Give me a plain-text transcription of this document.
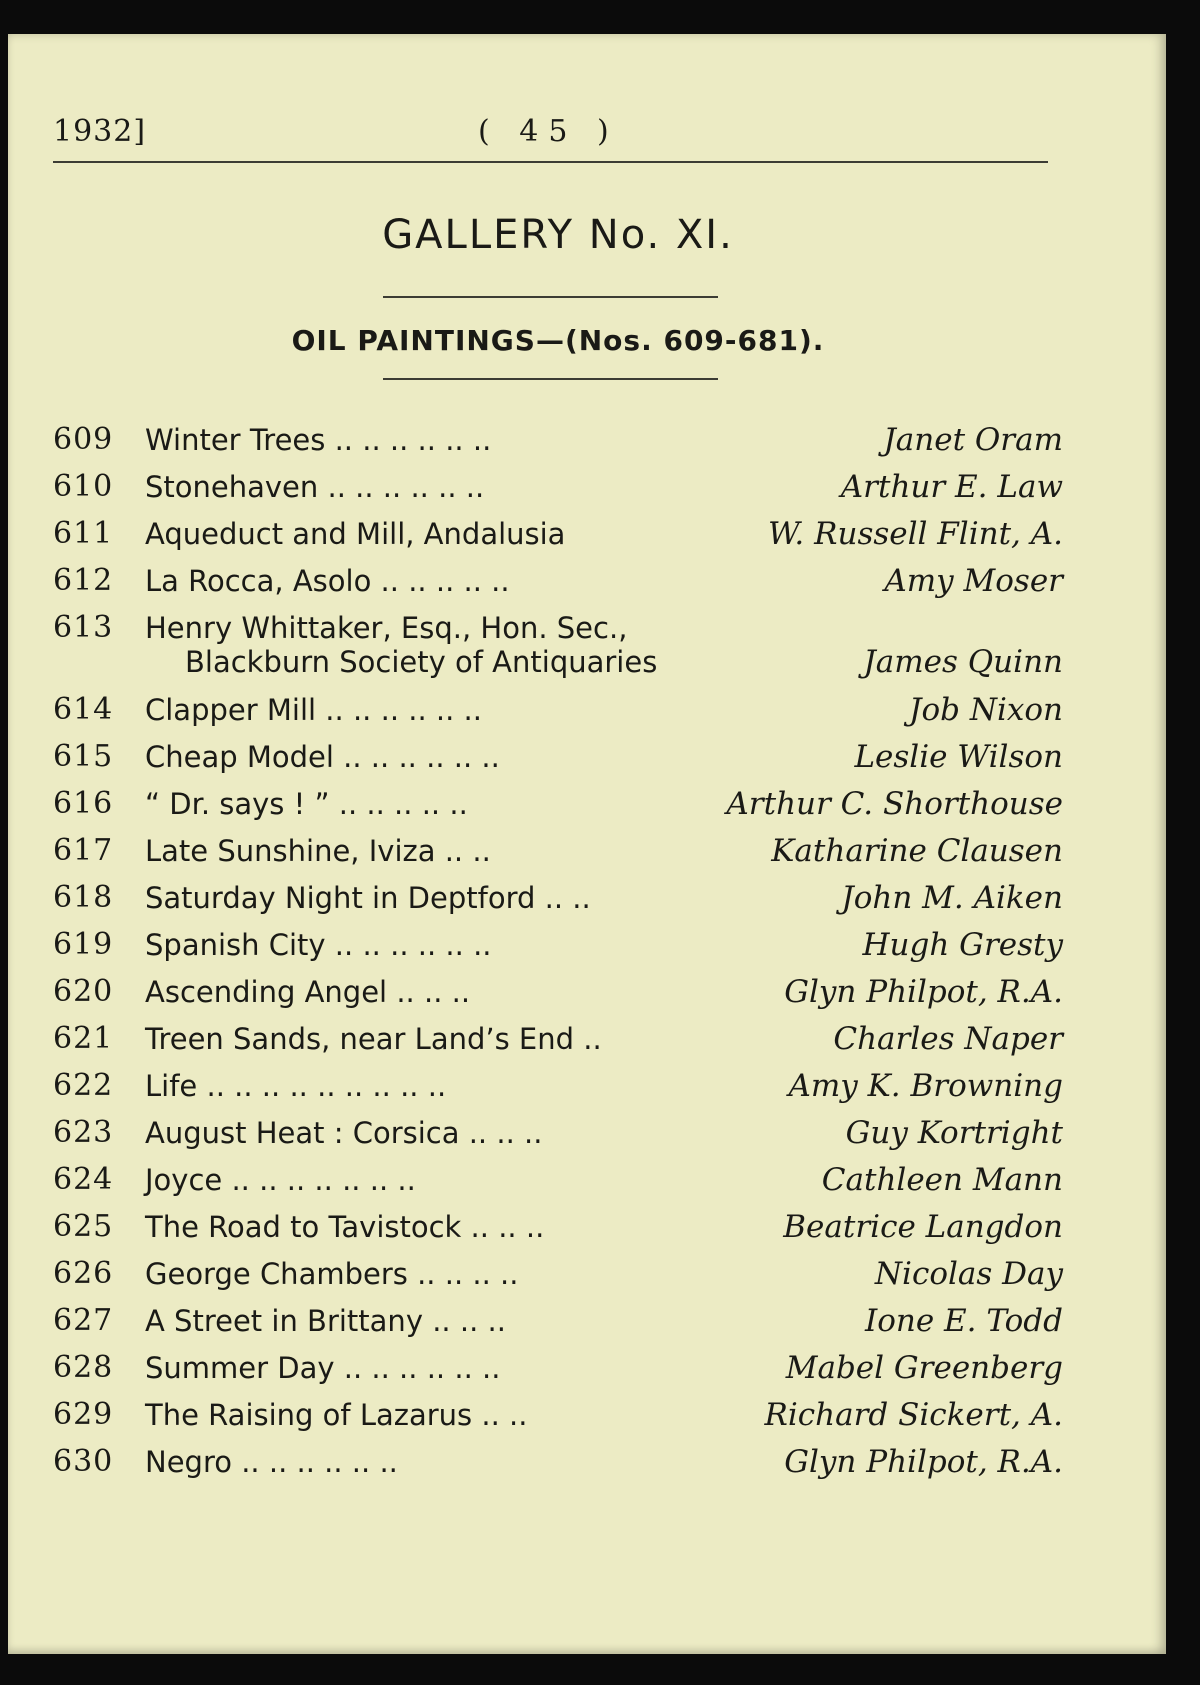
1932]	( 45 )
GALLERY No. XI.
OIL PAINTINGS—(Nos. 609-681).
609	Winter Trees .. .. .. .. .. ..	Janet Oram
610	Stonehaven .. .. .. .. .. ..	Arthur E. Law
611	Aqueduct and Mill, Andalusia	W. Russell Flint, A.
612	La Rocca, Asolo .. .. .. .. ..	Amy Moser
613	Henry Whittaker, Esq., Hon. Sec.,
Blackburn Society of Antiquaries	James Quinn
614	Clapper Mill .. .. .. .. .. ..	Job Nixon
615	Cheap Model .. .. .. .. .. ..	Leslie Wilson
616	“ Dr. says ! ” .. .. .. .. ..	Arthur C. Shorthouse
617	Late Sunshine, Iviza .. ..	Katharine Clausen
618	Saturday Night in Deptford .. ..	John M. Aiken
619	Spanish City .. .. .. .. .. ..	Hugh Gresty
620	Ascending Angel .. .. ..	Glyn Philpot, R.A.
621	Treen Sands, near Land’s End ..	Charles Naper
622	Life .. .. .. .. .. .. .. .. ..	Amy K. Browning
623	August Heat : Corsica .. .. ..	Guy Kortright
624	Joyce .. .. .. .. .. .. ..	Cathleen Mann
625	The Road to Tavistock .. .. ..	Beatrice Langdon
626	George Chambers .. .. .. ..	Nicolas Day
627	A Street in Brittany .. .. ..	Ione E. Todd
628	Summer Day .. .. .. .. .. ..	Mabel Greenberg
629	The Raising of Lazarus .. ..	Richard Sickert, A.
630	Negro .. .. .. .. .. ..	Glyn Philpot, R.A.
